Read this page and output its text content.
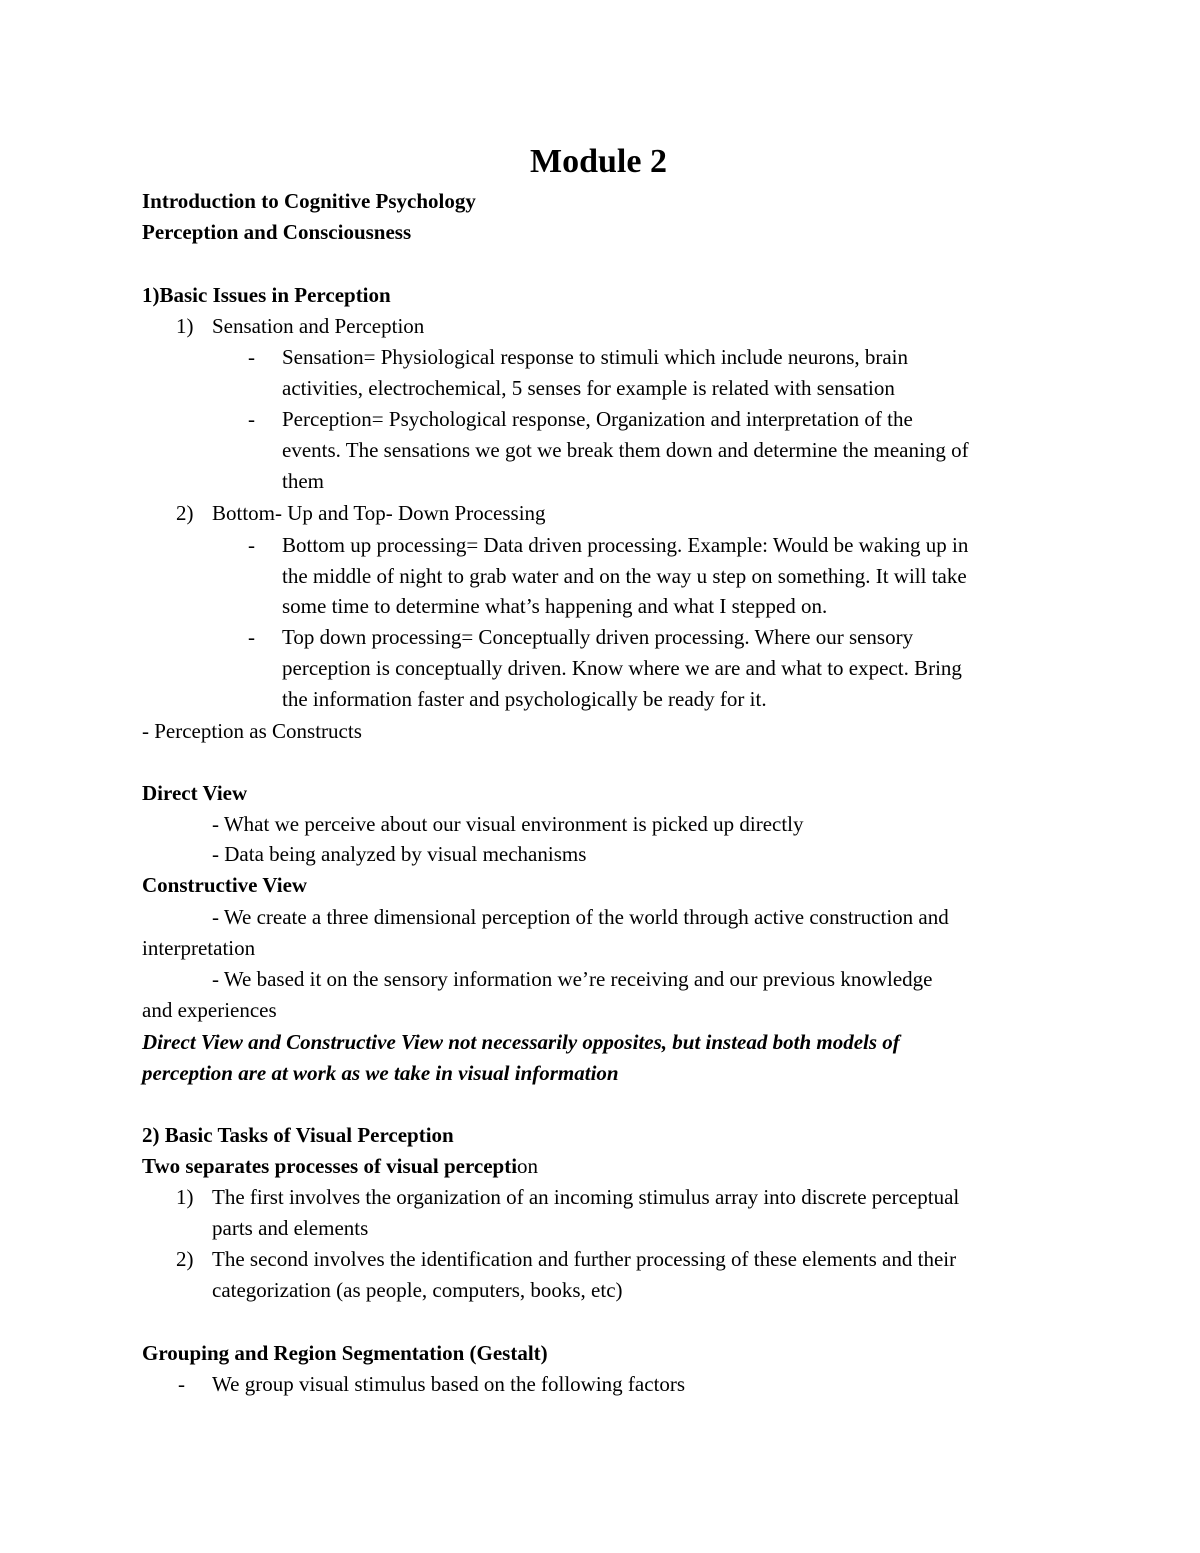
Module 2
Introduction to Cognitive Psychology
Perception and Consciousness
1)Basic Issues in Perception
1) Sensation and Perception
- Sensation= Physiological response to stimuli which include neurons, brain
activities, electrochemical, 5 senses for example is related with sensation
- Perception= Psychological response, Organization and interpretation of the
events. The sensations we got we break them down and determine the meaning of
them
2) Bottom- Up and Top- Down Processing
- Bottom up processing= Data driven processing. Example: Would be waking up in
the middle of night to grab water and on the way u step on something. It will take
some time to determine what’s happening and what I stepped on.
- Top down processing= Conceptually driven processing. Where our sensory
perception is conceptually driven. Know where we are and what to expect. Bring
the information faster and psychologically be ready for it.
- Perception as Constructs
Direct View
- What we perceive about our visual environment is picked up directly
- Data being analyzed by visual mechanisms
Constructive View
- We create a three dimensional perception of the world through active construction and
interpretation
- We based it on the sensory information we’re receiving and our previous knowledge
and experiences
Direct View and Constructive View not necessarily opposites, but instead both models of
perception are at work as we take in visual information
2) Basic Tasks of Visual Perception
Two separates processes of visual perception
1) The first involves the organization of an incoming stimulus array into discrete perceptual
parts and elements
2) The second involves the identification and further processing of these elements and their
categorization (as people, computers, books, etc)
Grouping and Region Segmentation (Gestalt)
- We group visual stimulus based on the following factors
